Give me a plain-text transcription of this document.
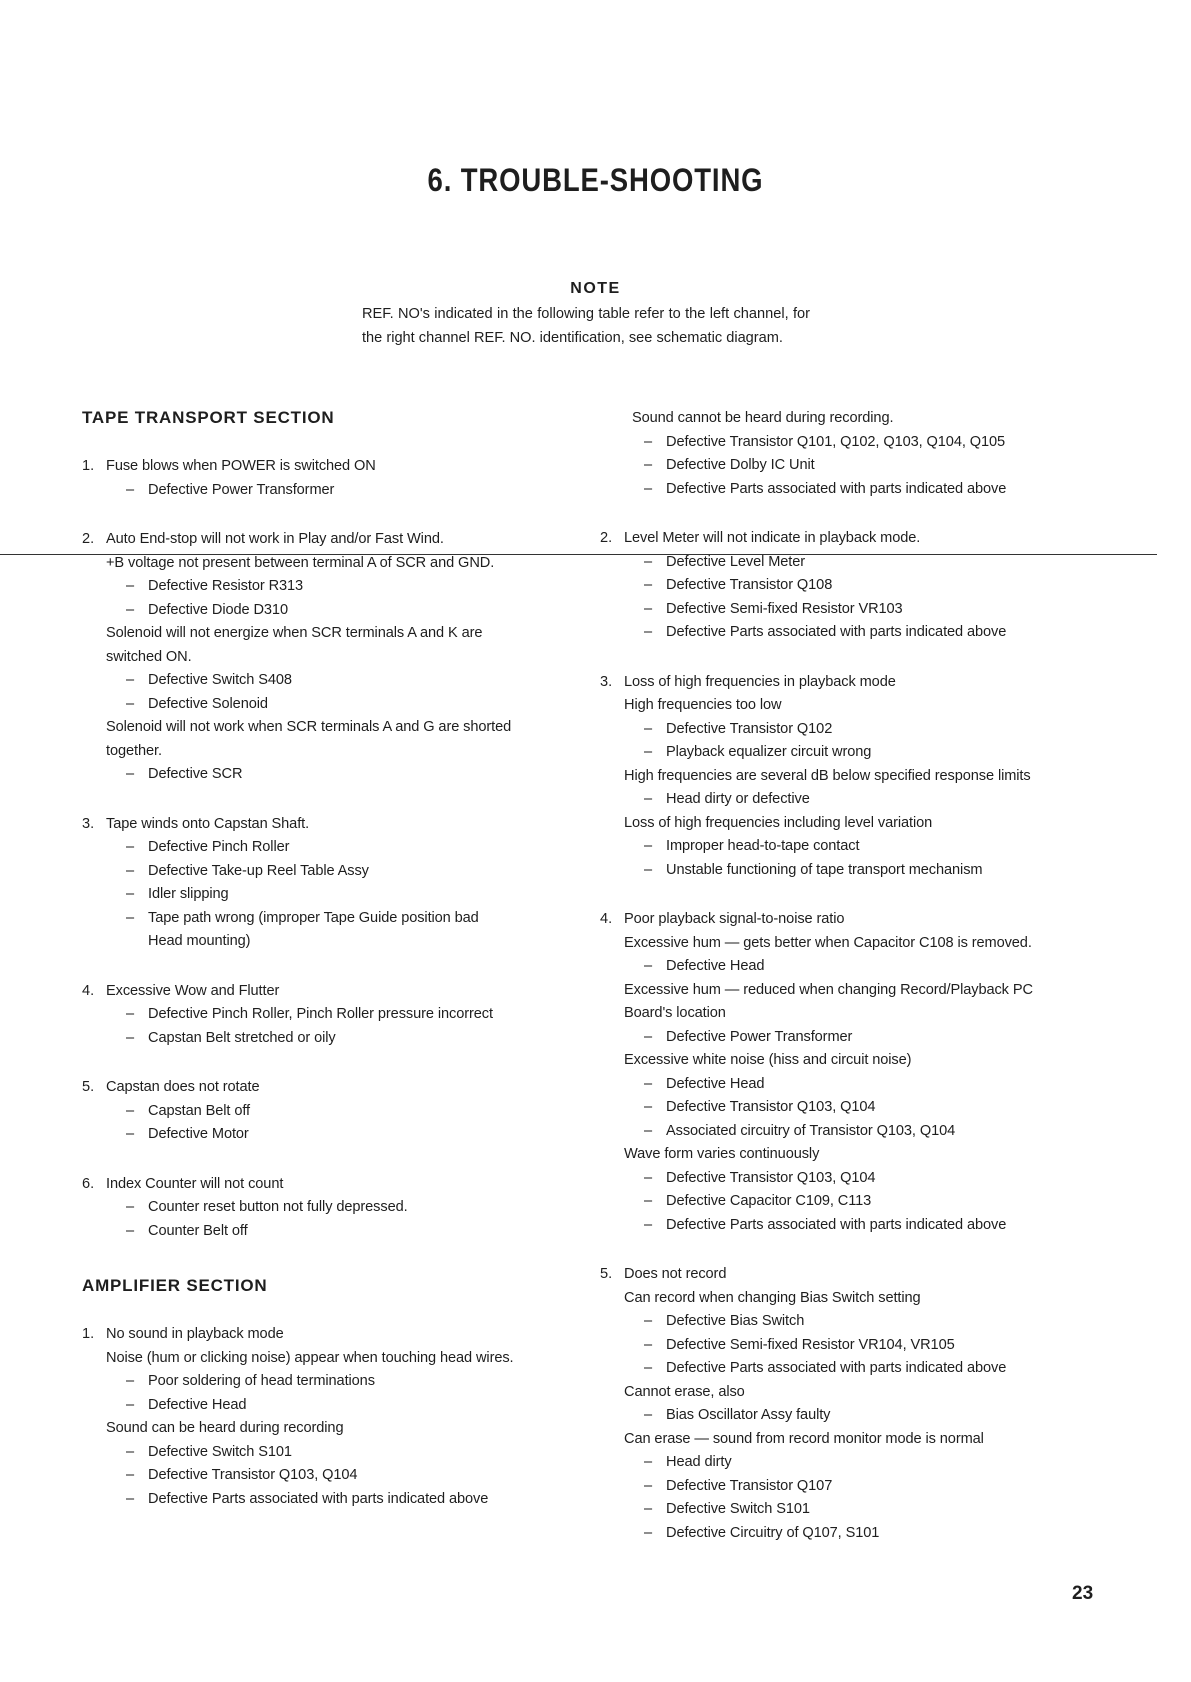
6. TROUBLE-SHOOTING
NOTE
REF. NO's indicated in the following table refer to the left channel, for the right channel REF. NO. identification, see schematic diagram.
TAPE TRANSPORT SECTION
1. Fuse blows when POWER is switched ON
– Defective Power Transformer
2. Auto End-stop will not work in Play and/or Fast Wind.
+B voltage not present between terminal A of SCR and GND.
– Defective Resistor R313
– Defective Diode D310
Solenoid will not energize when SCR terminals A and K are
switched ON.
– Defective Switch S408
– Defective Solenoid
Solenoid will not work when SCR terminals A and G are shorted
together.
– Defective SCR
3. Tape winds onto Capstan Shaft.
– Defective Pinch Roller
– Defective Take-up Reel Table Assy
– Idler slipping
– Tape path wrong (improper Tape Guide position bad
Head mounting)
4. Excessive Wow and Flutter
– Defective Pinch Roller, Pinch Roller pressure incorrect
– Capstan Belt stretched or oily
5. Capstan does not rotate
– Capstan Belt off
– Defective Motor
6. Index Counter will not count
– Counter reset button not fully depressed.
– Counter Belt off
AMPLIFIER SECTION
1. No sound in playback mode
Noise (hum or clicking noise) appear when touching head wires.
– Poor soldering of head terminations
– Defective Head
Sound can be heard during recording
– Defective Switch S101
– Defective Transistor Q103, Q104
– Defective Parts associated with parts indicated above
Sound cannot be heard during recording.
– Defective Transistor Q101, Q102, Q103, Q104, Q105
– Defective Dolby IC Unit
– Defective Parts associated with parts indicated above
2. Level Meter will not indicate in playback mode.
– Defective Level Meter
– Defective Transistor Q108
– Defective Semi-fixed Resistor VR103
– Defective Parts associated with parts indicated above
3. Loss of high frequencies in playback mode
High frequencies too low
– Defective Transistor Q102
– Playback equalizer circuit wrong
High frequencies are several dB below specified response limits
– Head dirty or defective
Loss of high frequencies including level variation
– Improper head-to-tape contact
– Unstable functioning of tape transport mechanism
4. Poor playback signal-to-noise ratio
Excessive hum — gets better when Capacitor C108 is removed.
– Defective Head
Excessive hum — reduced when changing Record/Playback PC
Board's location
– Defective Power Transformer
Excessive white noise (hiss and circuit noise)
– Defective Head
– Defective Transistor Q103, Q104
– Associated circuitry of Transistor Q103, Q104
Wave form varies continuously
– Defective Transistor Q103, Q104
– Defective Capacitor C109, C113
– Defective Parts associated with parts indicated above
5. Does not record
Can record when changing Bias Switch setting
– Defective Bias Switch
– Defective Semi-fixed Resistor VR104, VR105
– Defective Parts associated with parts indicated above
Cannot erase, also
– Bias Oscillator Assy faulty
Can erase — sound from record monitor mode is normal
– Head dirty
– Defective Transistor Q107
– Defective Switch S101
– Defective Circuitry of Q107, S101
23
